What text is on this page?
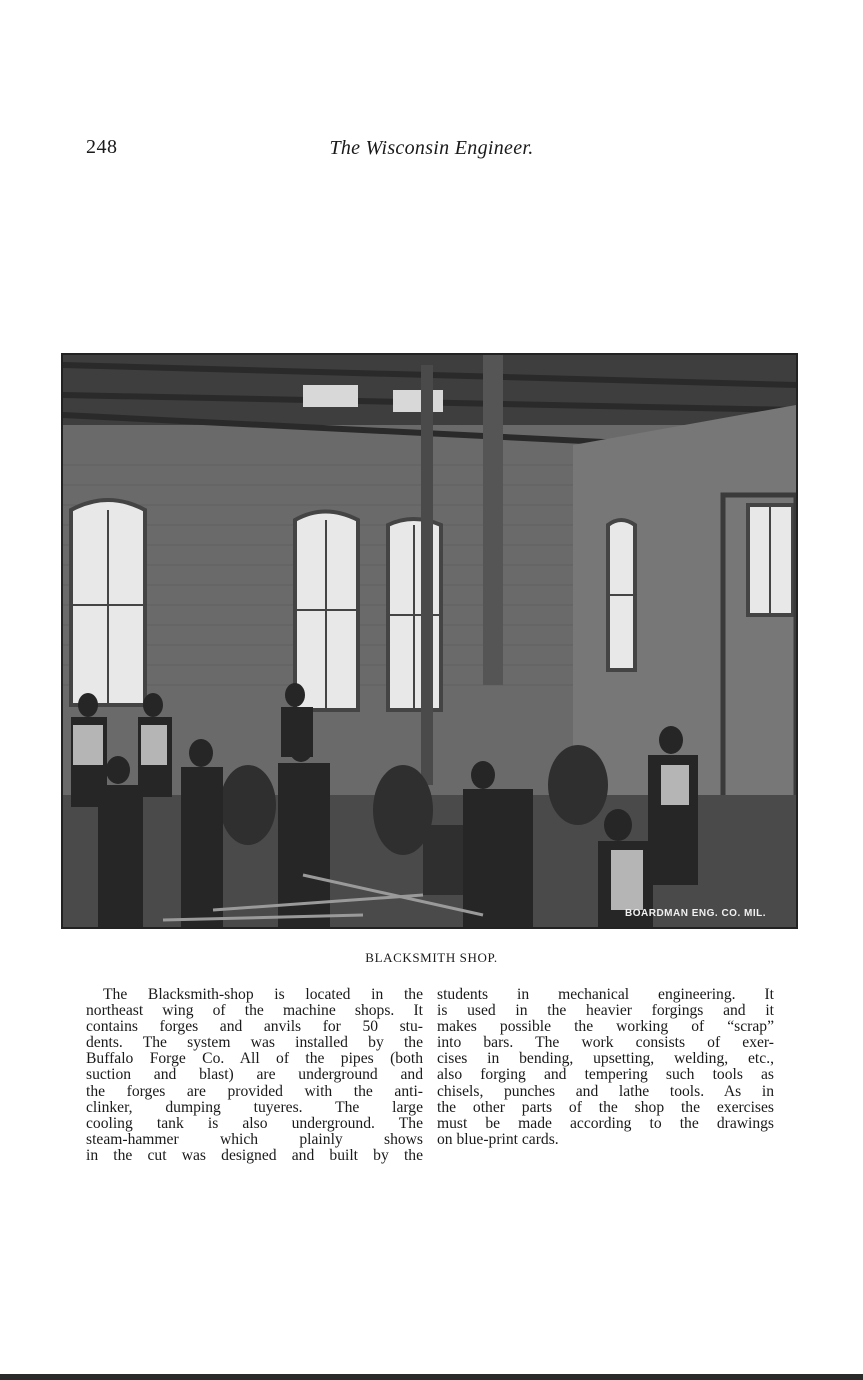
248	The Wisconsin Engineer.
BOARDMAN ENG. CO. MIL.
BLACKSMITH SHOP.
The Blacksmith-shop is located in the
northeast wing of the machine shops. It
contains forges and anvils for 50 stu-
dents. The system was installed by the
Buffalo Forge Co. All of the pipes (both
suction and blast) are underground and
the forges are provided with the anti-
clinker, dumping tuyeres. The large
cooling tank is also underground. The
steam-hammer which plainly shows
in the cut was designed and built by the
students in mechanical engineering. It
is used in the heavier forgings and it
makes possible the working of “scrap”
into bars. The work consists of exer-
cises in bending, upsetting, welding, etc.,
also forging and tempering such tools as
chisels, punches and lathe tools. As in
the other parts of the shop the exercises
must be made according to the drawings
on blue-print cards.
